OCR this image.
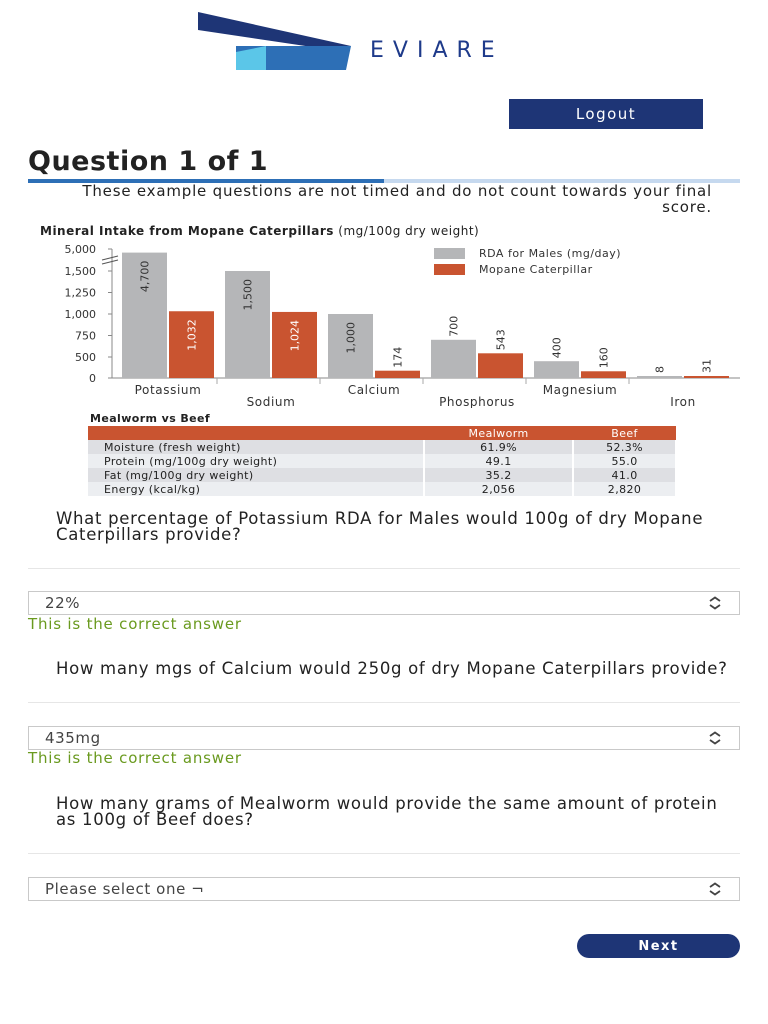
EVIARE
Logout
Question 1 of 1
These example questions are not timed and do not count towards your final score.
Mineral Intake from Mopane Caterpillars (mg/100g dry weight)
0
500
750
1,000
1,250
1,500
5,000
4,700
1,032
Potassium
1,500
1,024
Sodium
1,000
174
Calcium
700
543
Phosphorus
400	160
Magnesium
8	31
Iron
RDA for Males (mg/day)
Mopane Caterpillar
Mealworm vs Beef
	Mealworm	Beef
Moisture (fresh weight)	61.9%	52.3%
Protein (mg/100g dry weight)	49.1	55.0
Fat (mg/100g dry weight)	35.2	41.0
Energy (kcal/kg)	2,056	2,820
What percentage of Potassium RDA for Males would 100g of dry Mopane Caterpillars provide?
22%
This is the correct answer
How many mgs of Calcium would 250g of dry Mopane Caterpillars provide?
435mg
This is the correct answer
How many grams of Mealworm would provide the same amount of protein as 100g of Beef does?
Please select one ¬
Next
